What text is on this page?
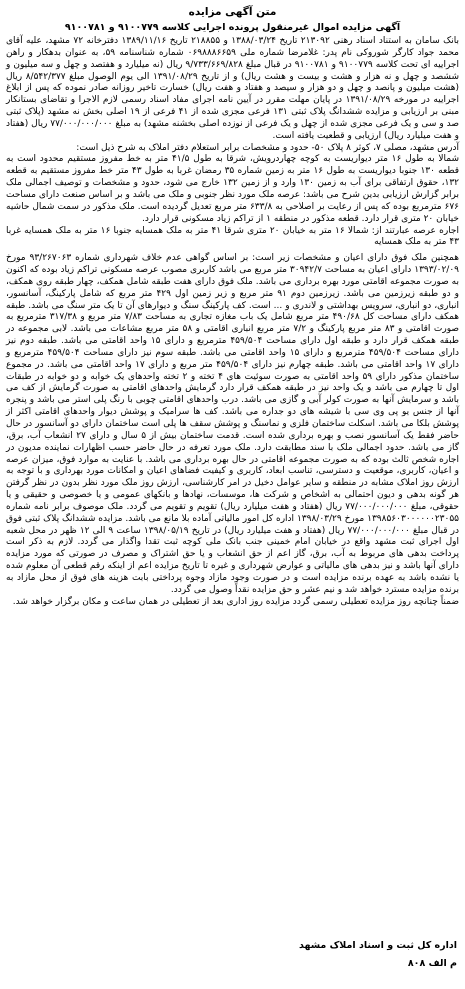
متن آگهی مزایده
آگهی مزایده اموال غیرمنقول پرونده اجرایی کلاسه ۹۱۰۰۷۷۹ و ۹۱۰۰۷۸۱

بانک سامان به استناد اسناد رهنی ۲۱۳۰۹۲ تاریخ ۱۳۸۸/۰۳/۲۴ و ۲۱۸۸۵۵ تاریخ ۱۳۸۹/۱۱/۱۶ دفترخانه ۷۲ مشهد، علیه آقای محمد جواد کارگر شوروکی نام پدر: غلامرضا شماره ملی ۰۶۹۸۸۸۶۶۵۹ شماره شناسنامه ۵۹، به عنوان بدهکار و راهن اجراییه ای تحت کلاسه ۹۱۰۰۷۷۹ و ۹۱۰۰۷۸۱ در قبال مبلغ ۹/۷۳۳/۶۶۹/۸۲۸ ریال (نه میلیارد و هفتصد و چهل و سه میلیون و ششصد و چهل و نه هزار و هشت و بیست و هشت ریال) و از تاریخ ۱۳۹۱/۰۸/۲۹ الی یوم الوصول مبلغ ۸/۵۴۲/۳۷۷ ریال (هشت میلیون و پانصد و چهل و دو هزار و سیصد و هفتاد و هفت ریال) خسارت تاخیر روزانه صادر نموده که پس از ابلاغ اجراییه در مورخه ۱۳۹۱/۰۸/۲۹ در پایان مهلت مقرر در آیین نامه اجرای مفاد اسناد رسمی لازم الاجرا و تقاضای بستانکار مبنی بر ارزیابی و مزایده ششدانگ پلاک ثبتی ۱۳۱ فرعی مجزی شده از ۴۱ فرعی از ۱۹ اصلی بخش نه مشهد (پلاک ثبتی صد و سی و یک فرعی مجزی شده از چهل و یک فرعی از نوزده اصلی بخشنه مشهد) به مبلغ ۷۷/۰۰۰/۰۰۰/۰۰۰ ریال (هفتاد و هفت میلیارد ریال) ارزیابی و قطعیت یافته است.

آدرس مشهد، مصلی ۷، کوثر ۸ پلاک ۵۰- حدود و مشخصات برابر استعلام دفتر املاک به شرح ذیل است:

شمالا به طول ۱۶ متر دیواریست به کوچه چهاردرویش، شرقا به طول ۴۱/۵ متر به خط مفروز مستقیم محدود است به قطعه ۱۳۰ جنوبا دیواریست به طول ۱۶ متر به زمین شماره ۳۵ رمضان غربا به طول ۴۳ متر خط مفروز مستقیم به قطعه ۱۳۲، حقوق ارتفاقی برای آب به زمین ۱۳۰ وارد و از زمین ۱۳۲ خارج می شود، حدود و مشخصات و توصیف اجمالی ملک برابر گزارش ارزیابی بدین شرح می باشد: عرصه ملک مورد نظر جنوبی و ملک می باشد و بر اساس صنعت دارای مساحت ۶۷۶ مترمربع بوده که پس از رعایت بر اصلاحی به ۶۳۳/۸ متر مربع تعدیل گردیده است. ملک مذکور در سمت شمال حاشیه خیابان ۲۰ متری قرار دارد. قطعه مذکور در منطقه ۱ از تراکم زیاد مسکونی قرار دارد.

اجاره عرصه عبارتند از: شمالا ۱۶ متر به خیابان ۲۰ متری شرقا ۴۱ متر به ملک همسایه جنوبا ۱۶ متر به ملک همسایه غربا ۴۳ متر به ملک همسایه

همچنین ملک فوق دارای اعیان و مشخصات زیر است: بر اساس گواهی عدم خلاف شهرداری شماره ۹۳/۲۶۷۰۶۳ مورخ ۱۳۹۳/۰۲/۰۹ دارای اعیان به مساحت ۳۰۹۴۲/۷ متر مربع می باشد کاربری مصوب عرصه مسکونی تراکم زیاد بوده که اکنون به صورت مجموعه اقامتی مورد بهره برداری می باشد. ملک فوق دارای هفت طبقه شامل همکف، چهار طبقه روی همکف، و دو طبقه زیرزمین می باشد. زیرزمین دوم ۹۱ متر مربع و زیر زمین اول ۴۲۹ متر مربع که شامل پارکینگ، آسانسور، انباری، دو انباری، سرویس بهداشتی و لاندری و ... است. کف پارکینگ سنگ و دیوارهای آن تا یک متر سنگ می باشد. طبقه همکف دارای مساحت کل ۴۹۰/۶۸ متر مربع شامل یک باب مغازه تجاری به مساحت ۷/۸۳ متر مربع و ۳۱۷/۳۸ مترمربع به صورت اقامتی و ۸۳ متر مربع پارکینگ و ۷/۲ متر مربع انباری اقامتی و ۵۸ متر مربع مشاعات می باشد. لابی مجموعه در طبقه همکف قرار دارد و طبقه اول دارای مساحت ۴۵۹/۵۰۴ مترمربع و دارای ۱۵ واحد اقامتی می باشد. طبقه دوم نیز دارای مساحت ۴۵۹/۵۰۴ مترمربع و دارای ۱۵ واحد اقامتی می باشد. طبقه سوم نیز دارای مساحت ۴۵۹/۵۰۴ مترمربع و دارای ۱۷ واحد اقامتی می باشد. طبقه چهارم نیز دارای ۴۵۹/۵۰۴ متر مربع و دارای ۱۷ واحد اقامتی می باشد. در مجموع ساختمان مذکور دارای ۵۹ واحد اقامتی به صورت سوئیت های ۴ تخته و ۲ تخته واحدهای یک خوابه و دو خوابه در طبقات اول تا چهارم می باشد و یک واحد نیز در طبقه همکف قرار دارد گرمایش واحدهای اقامتی به صورت گرمایش از کف می باشد و سرمایش آنها به صورت کولر آبی و گازی می باشد. درب واحدهای اقامتی چوبی با رنگ پلی استر می باشد و پنجره آنها از جنس یو پی وی سی با شیشه های دو جداره می باشد. کف ها سرامیک و پوشش دیوار واحدهای اقامتی اکثر از پوشش بلکا می باشد. اسکلت ساختمان فلزی و نماسنگ و پوشش سقف ها پلی است ساختمان دارای دو آسانسور در حال حاضر فقط یک آسانسور نصب و بهره برداری شده است. قدمت ساختمان بیش از ۵ سال و دارای ۲۷ انشعاب آب، برق، گاز می باشد. حدود اجمالی ملک با سند مطابقت دارد. ملک مورد تعرفه در حال حاضر حسب اظهارات نماینده مدیون در اجاره شخص ثالث بوده که به صورت مجموعه اقامتی در حال بهره برداری می باشد. با عنایت به موارد فوق، میزان عرصه و اعیان، کاربری، موقعیت و دسترسی، تناسب ابعاد، کاربری و کیفیت فضاهای اعیان و امکانات مورد بهرداری و با توجه به ارزش روز املاک مشابه در منطقه و سایر عوامل دخیل در امر کارشناسی، ارزش روز ملک مورد نظر بدون در نظر گرفتن هر گونه بدهی و دیون احتمالی به اشخاص و شرکت ها، موسسات، نهادها و بانکهای عمومی و یا خصوصی و حقیقی و یا حقوقی، مبلغ ۷۷/۰۰۰/۰۰۰/۰۰۰ ریال (هفتاد و هفت میلیارد ریال) تقویم و تقویم می گردد. ملک موصوف برابر نامه شماره ۱۳۹۸۵۶۰۳۰۰۰۰۰۰۲۳۰۵۵ مورخ ۱۳۹۸/۰۳/۲۹ اداره کل امور مالیاتی آماده بلا مانع می باشد. مزایده ششدانگ پلاک ثبتی فوق در قبال مبلغ ۷۷/۰۰۰/۰۰۰/۰۰۰ ریال (هفتاد و هفت میلیارد ریال) در تاریخ ۱۳۹۸/۰۵/۱۹ ساعت ۹ الی ۱۲ ظهر در محل شعبه اول اجرای ثبت مشهد واقع در خیابان امام خمینی جنب بانک ملی کوچه ثبت تقدا واگذار می گردد. لازم به ذکر است پرداخت بدهی های مربوط به آب، برق، گاز اعم از حق انشعاب و یا حق اشتراک و مصرف در صورتی که مورد مزایده دارای آنها باشد و نیز بدهی های مالیاتی و عوارض شهرداری و غیره تا تاریخ مزایده اعم از اینکه رقم قطعی آن معلوم شده یا نشده باشد به عهده برنده مزایده است و در صورت وجود مازاد وجوه پرداختی بابت هزینه های فوق از محل مازاد به برنده مزایده مسترد خواهد شد و نیم عشر و حق مزایده نقداً وصول می گردد.

ضمناً چنانچه روز مزایده تعطیلی رسمی گردد مزایده روز اداری بعد از تعطیلی در همان ساعت و مکان برگزار خواهد شد.

اداره کل ثبت و اسناد املاک مشهد
م الف ۸۰۸
